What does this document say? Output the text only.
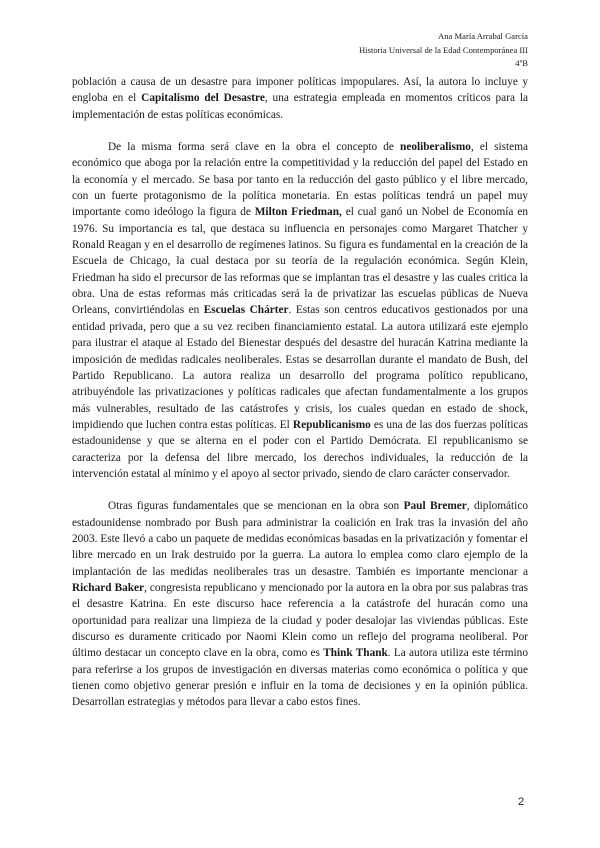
Ana María Arrabal García
Historia Universal de la Edad Contemporánea III
4ºB

población a causa de un desastre para imponer políticas impopulares. Así, la autora lo incluye y engloba en el Capitalismo del Desastre, una estrategia empleada en momentos críticos para la implementación de estas políticas económicas.

De la misma forma será clave en la obra el concepto de neoliberalismo, el sistema económico que aboga por la relación entre la competitividad y la reducción del papel del Estado en la economía y el mercado. Se basa por tanto en la reducción del gasto público y el libre mercado, con un fuerte protagonismo de la política monetaria. En estas políticas tendrá un papel muy importante como ideólogo la figura de Milton Friedman, el cual ganó un Nobel de Economía en 1976. Su importancia es tal, que destaca su influencia en personajes como Margaret Thatcher y Ronald Reagan y en el desarrollo de regímenes latinos. Su figura es fundamental en la creación de la Escuela de Chicago, la cual destaca por su teoría de la regulación económica. Según Klein, Friedman ha sido el precursor de las reformas que se implantan tras el desastre y las cuales critica la obra. Una de estas reformas más criticadas será la de privatizar las escuelas públicas de Nueva Orleans, convirtiéndolas en Escuelas Chárter. Estas son centros educativos gestionados por una entidad privada, pero que a su vez reciben financiamiento estatal. La autora utilizará este ejemplo para ilustrar el ataque al Estado del Bienestar después del desastre del huracán Katrina mediante la imposición de medidas radicales neoliberales. Estas se desarrollan durante el mandato de Bush, del Partido Republicano. La autora realiza un desarrollo del programa político republicano, atribuyéndole las privatizaciones y políticas radicales que afectan fundamentalmente a los grupos más vulnerables, resultado de las catástrofes y crisis, los cuales quedan en estado de shock, impidiendo que luchen contra estas políticas. El Republicanismo es una de las dos fuerzas políticas estadounidense y que se alterna en el poder con el Partido Demócrata. El republicanismo se caracteriza por la defensa del libre mercado, los derechos individuales, la reducción de la intervención estatal al mínimo y el apoyo al sector privado, siendo de claro carácter conservador.

Otras figuras fundamentales que se mencionan en la obra son Paul Bremer, diplomático estadounidense nombrado por Bush para administrar la coalición en Irak tras la invasión del año 2003. Este llevó a cabo un paquete de medidas económicas basadas en la privatización y fomentar el libre mercado en un Irak destruido por la guerra. La autora lo emplea como claro ejemplo de la implantación de las medidas neoliberales tras un desastre. También es importante mencionar a Richard Baker, congresista republicano y mencionado por la autora en la obra por sus palabras tras el desastre Katrina. En este discurso hace referencia a la catástrofe del huracán como una oportunidad para realizar una limpieza de la ciudad y poder desalojar las viviendas públicas. Este discurso es duramente criticado por Naomi Klein como un reflejo del programa neoliberal. Por último destacar un concepto clave en la obra, como es Think Thank. La autora utiliza este término para referirse a los grupos de investigación en diversas materias como económica o política y que tienen como objetivo generar presión e influir en la toma de decisiones y en la opinión pública. Desarrollan estrategias y métodos para llevar a cabo estos fines.

2
